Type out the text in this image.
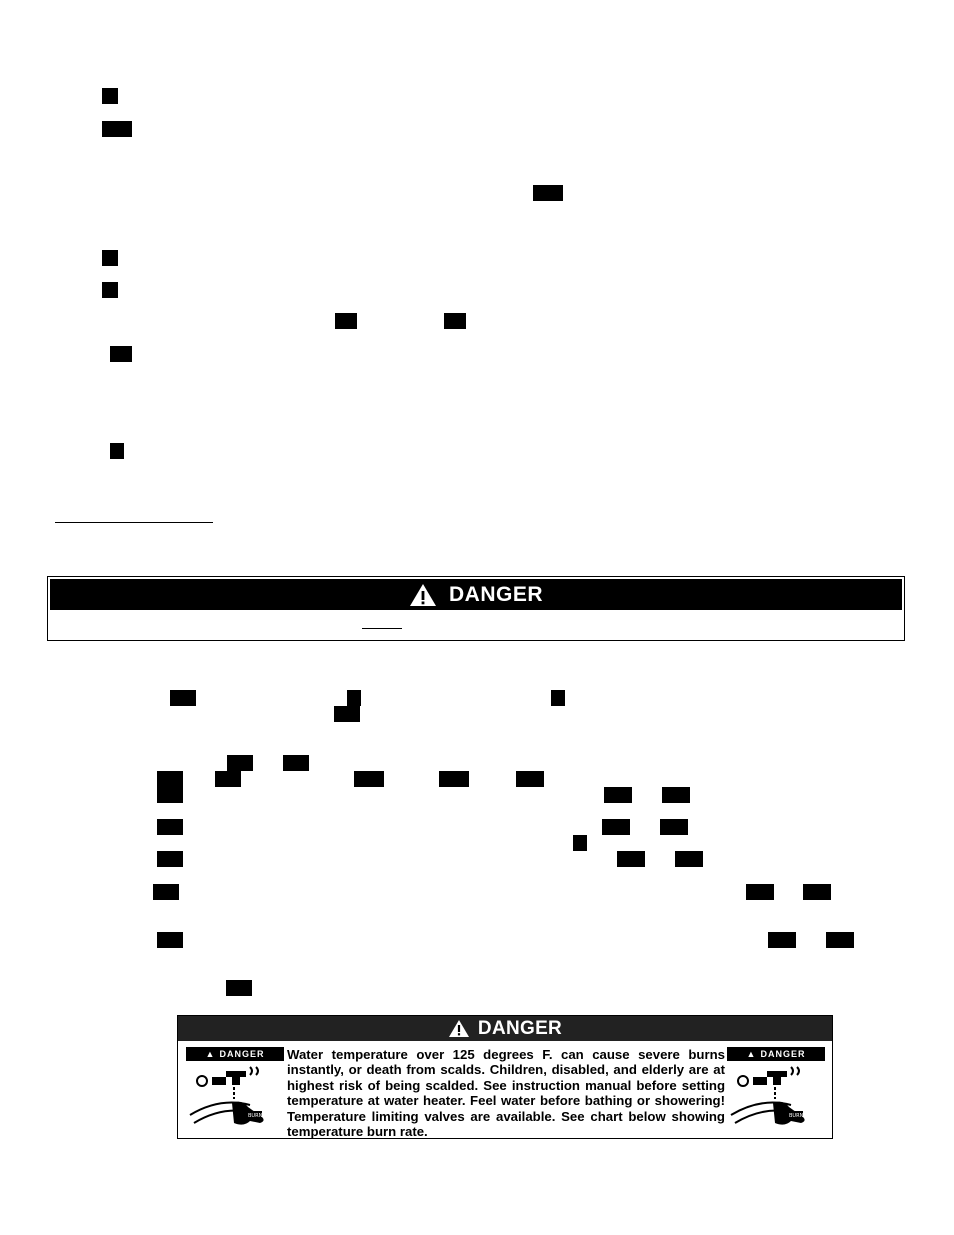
DANGER
DANGER
▲ DANGER
BURN
Water temperature over 125 degrees F. can cause severe burns instantly, or death from scalds. Children, disabled, and elderly are at highest risk of being scalded. See instruction manual before setting temperature at water heater. Feel water before bathing or showering! Temperature limiting valves are available. See chart below showing temperature burn rate.
▲ DANGER
BURN
